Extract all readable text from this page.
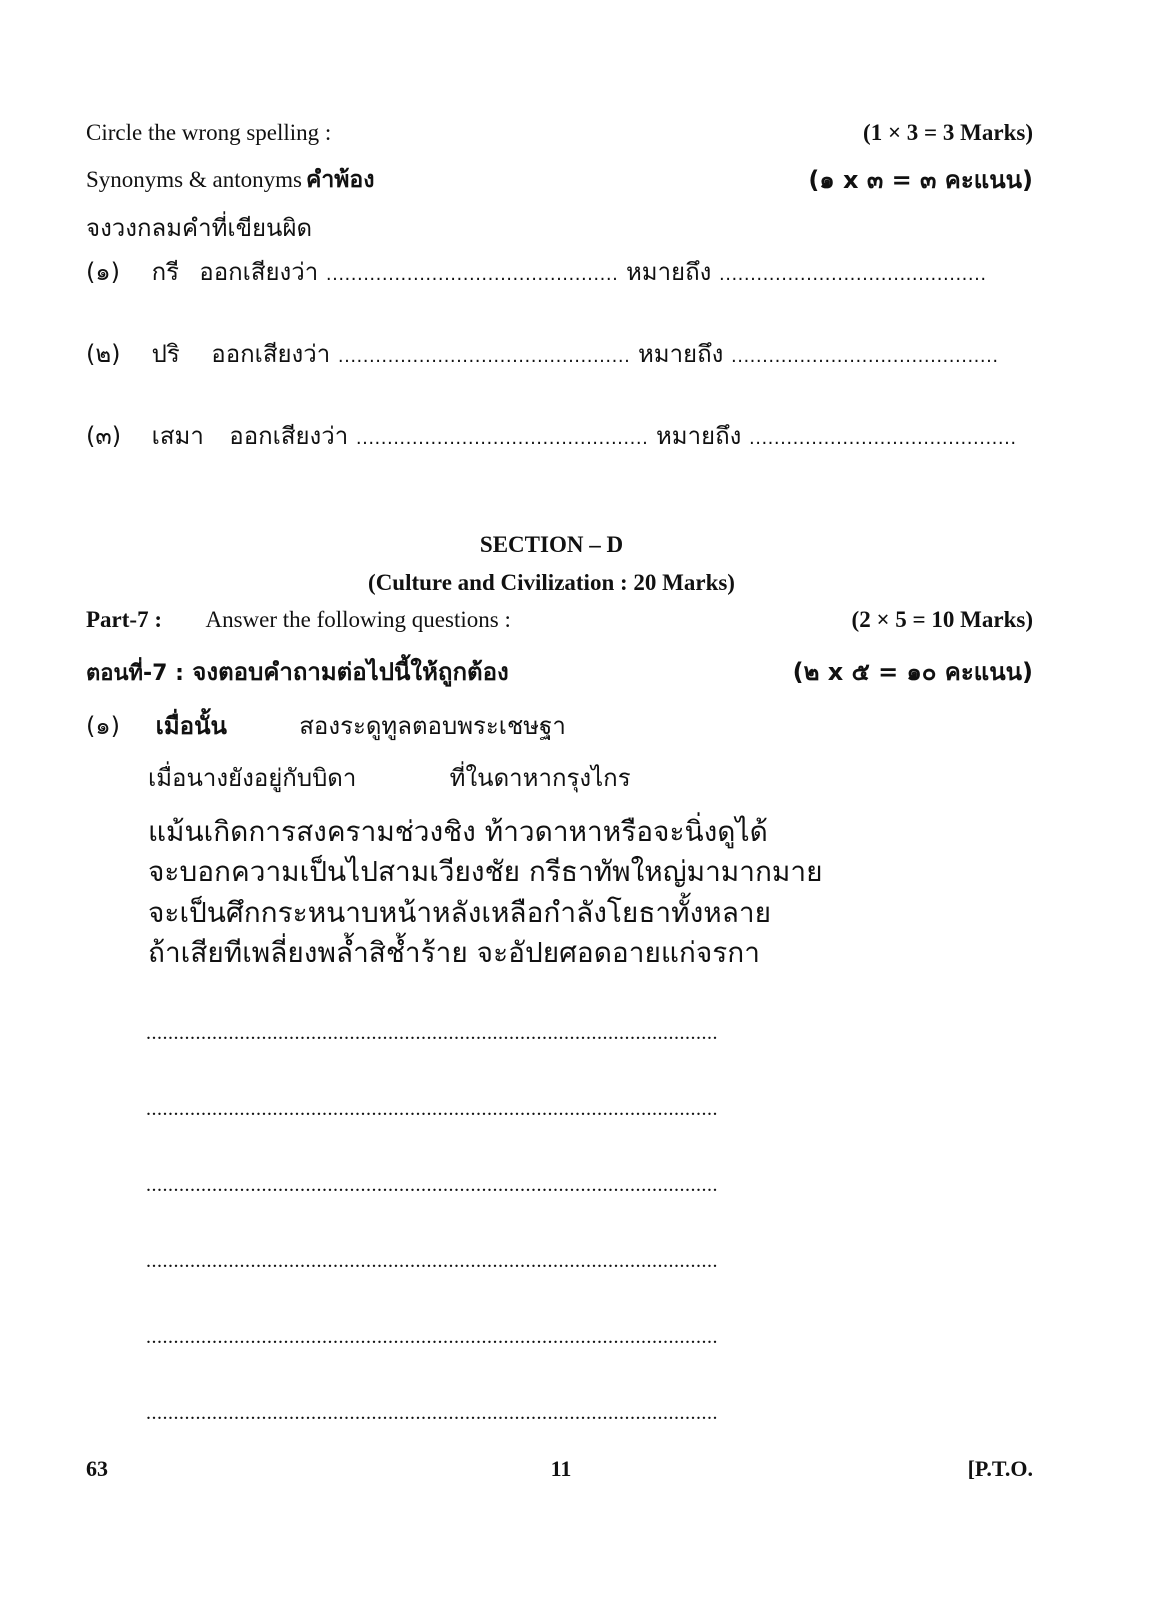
Circle the wrong spelling :	(1 × 3 = 3 Marks)
Synonyms & antonyms คำพ้อง	(๑ x ๓ = ๓ คะแนน)
จงวงกลมคำที่เขียนผิด
(๑) กรี ออกเสียงว่า ............................................... หมายถึง ...........................................
(๒) ปริ ออกเสียงว่า ............................................... หมายถึง ...........................................
(๓) เสมา ออกเสียงว่า ............................................... หมายถึง ...........................................
SECTION – D
(Culture and Civilization : 20 Marks)
Part-7 : Answer the following questions :	(2 × 5 = 10 Marks)
ตอนที่-7 : จงตอบคำถามต่อไปนี้ให้ถูกต้อง	(๒ x ๕ = ๑๐ คะแนน)
(๑) เมื่อนั้น	สองระดูทูลตอบพระเชษฐา
เมื่อนางยังอยู่กับบิดา	ที่ในดาหากรุงไกร
แม้นเกิดการสงครามช่วงชิง ท้าวดาหาหรือจะนิ่งดูได้
จะบอกความเป็นไปสามเวียงชัย กรีธาทัพใหญ่มามากมาย
จะเป็นศึกกระหนาบหน้าหลังเหลือกำลังโยธาทั้งหลาย
ถ้าเสียทีเพลี่ยงพล้ำสิช้ำร้าย จะอัปยศอดอายแก่จรกา
........................................................................................................
........................................................................................................
........................................................................................................
........................................................................................................
........................................................................................................
........................................................................................................
63	11	[P.T.O.
